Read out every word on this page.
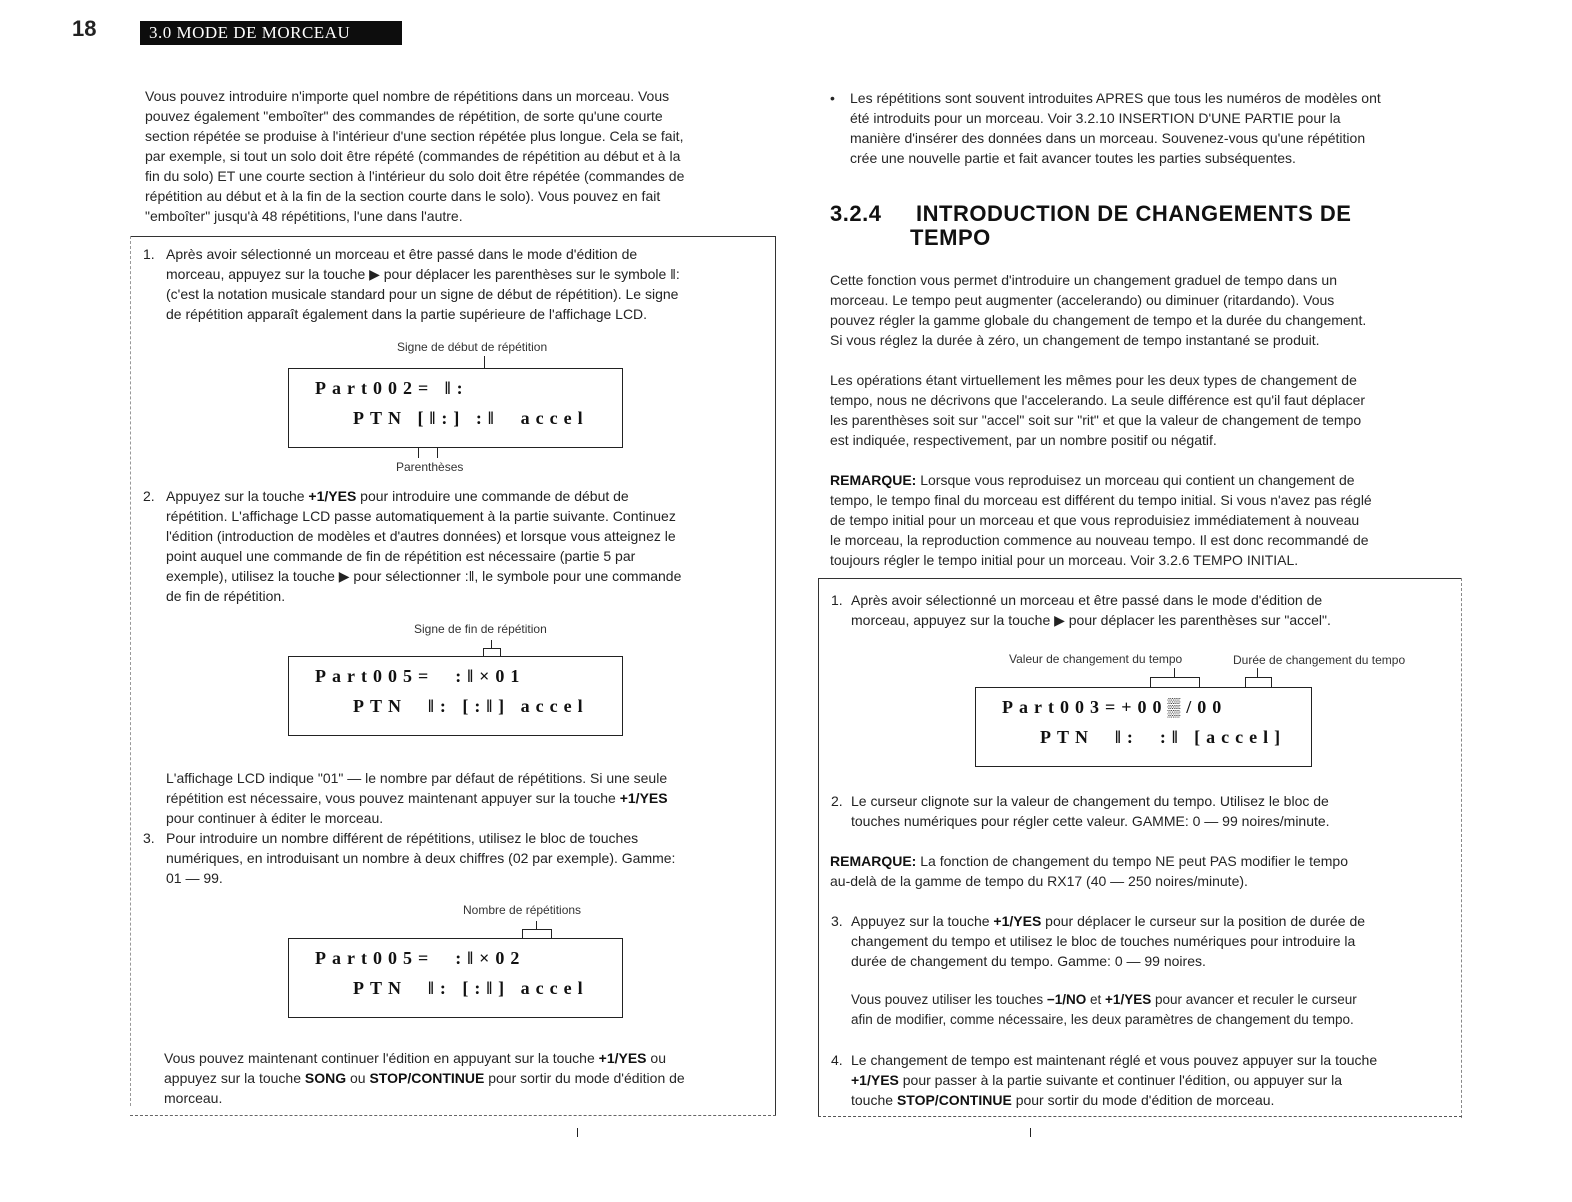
18	3.0 MODE DE MORCEAU
Vous pouvez introduire n'importe quel nombre de répétitions dans un morceau. Vous
pouvez également "emboîter" des commandes de répétition, de sorte qu'une courte
section répétée se produise à l'intérieur d'une section répétée plus longue. Cela se fait,
par exemple, si tout un solo doit être répété (commandes de répétition au début et à la
fin du solo) ET une courte section à l'intérieur du solo doit être répétée (commandes de
répétition au début et à la fin de la section courte dans le solo). Vous pouvez en fait
"emboîter" jusqu'à 48 répétitions, l'une dans l'autre.
1. Après avoir sélectionné un morceau et être passé dans le mode d'édition de
morceau, appuyez sur la touche ▶ pour déplacer les parenthèses sur le symbole ‖:
(c'est la notation musicale standard pour un signe de début de répétition). Le signe
de répétition apparaît également dans la partie supérieure de l'affichage LCD.
Signe de début de répétition

Part002= ‖:

PTN [‖:] :‖  accel

Parenthèses
2. Appuyez sur la touche +1/YES pour introduire une commande de début de
répétition. L'affichage LCD passe automatiquement à la partie suivante. Continuez
l'édition (introduction de modèles et d'autres données) et lorsque vous atteignez le
point auquel une commande de fin de répétition est nécessaire (partie 5 par
exemple), utilisez la touche ▶ pour sélectionner :‖, le symbole pour une commande
de fin de répétition.
Signe de fin de répétition

Part005=  :‖×01

PTN  ‖: [:‖] accel

L'affichage LCD indique "01" — le nombre par défaut de répétitions. Si une seule
répétition est nécessaire, vous pouvez maintenant appuyer sur la touche +1/YES
pour continuer à éditer le morceau.
3. Pour introduire un nombre différent de répétitions, utilisez le bloc de touches
numériques, en introduisant un nombre à deux chiffres (02 par exemple). Gamme:
01 — 99.
Nombre de répétitions

Part005=  :‖×02

PTN  ‖: [:‖] accel

Vous pouvez maintenant continuer l'édition en appuyant sur la touche +1/YES ou
appuyez sur la touche SONG ou STOP/CONTINUE pour sortir du mode d'édition de
morceau.
• Les répétitions sont souvent introduites APRES que tous les numéros de modèles ont
été introduits pour un morceau. Voir 3.2.10 INSERTION D'UNE PARTIE pour la
manière d'insérer des données dans un morceau. Souvenez-vous qu'une répétition
crée une nouvelle partie et fait avancer toutes les parties subséquentes.
3.2.4 INTRODUCTION DE CHANGEMENTS DE
TEMPO
Cette fonction vous permet d'introduire un changement graduel de tempo dans un
morceau. Le tempo peut augmenter (accelerando) ou diminuer (ritardando). Vous
pouvez régler la gamme globale du changement de tempo et la durée du changement.
Si vous réglez la durée à zéro, un changement de tempo instantané se produit.
Les opérations étant virtuellement les mêmes pour les deux types de changement de
tempo, nous ne décrivons que l'accelerando. La seule différence est qu'il faut déplacer
les parenthèses soit sur "accel" soit sur "rit" et que la valeur de changement de tempo
est indiquée, respectivement, par un nombre positif ou négatif.
REMARQUE: Lorsque vous reproduisez un morceau qui contient un changement de
tempo, le tempo final du morceau est différent du tempo initial. Si vous n'avez pas réglé
de tempo initial pour un morceau et que vous reproduisiez immédiatement à nouveau
le morceau, la reproduction commence au nouveau tempo. Il est donc recommandé de
toujours régler le tempo initial pour un morceau. Voir 3.2.6 TEMPO INITIAL.
1. Après avoir sélectionné un morceau et être passé dans le mode d'édition de
morceau, appuyez sur la touche ▶ pour déplacer les parenthèses sur "accel".
Valeur de changement du tempo	Durée de changement du tempo

Part003=+00▒/00

PTN  ‖:  :‖ [accel]

2. Le curseur clignote sur la valeur de changement du tempo. Utilisez le bloc de
touches numériques pour régler cette valeur. GAMME: 0 — 99 noires/minute.
REMARQUE: La fonction de changement du tempo NE peut PAS modifier le tempo
au-delà de la gamme de tempo du RX17 (40 — 250 noires/minute).
3. Appuyez sur la touche +1/YES pour déplacer le curseur sur la position de durée de
changement du tempo et utilisez le bloc de touches numériques pour introduire la
durée de changement du tempo. Gamme: 0 — 99 noires.
Vous pouvez utiliser les touches −1/NO et +1/YES pour avancer et reculer le curseur
afin de modifier, comme nécessaire, les deux paramètres de changement du tempo.
4. Le changement de tempo est maintenant réglé et vous pouvez appuyer sur la touche
+1/YES pour passer à la partie suivante et continuer l'édition, ou appuyer sur la
touche STOP/CONTINUE pour sortir du mode d'édition de morceau.
